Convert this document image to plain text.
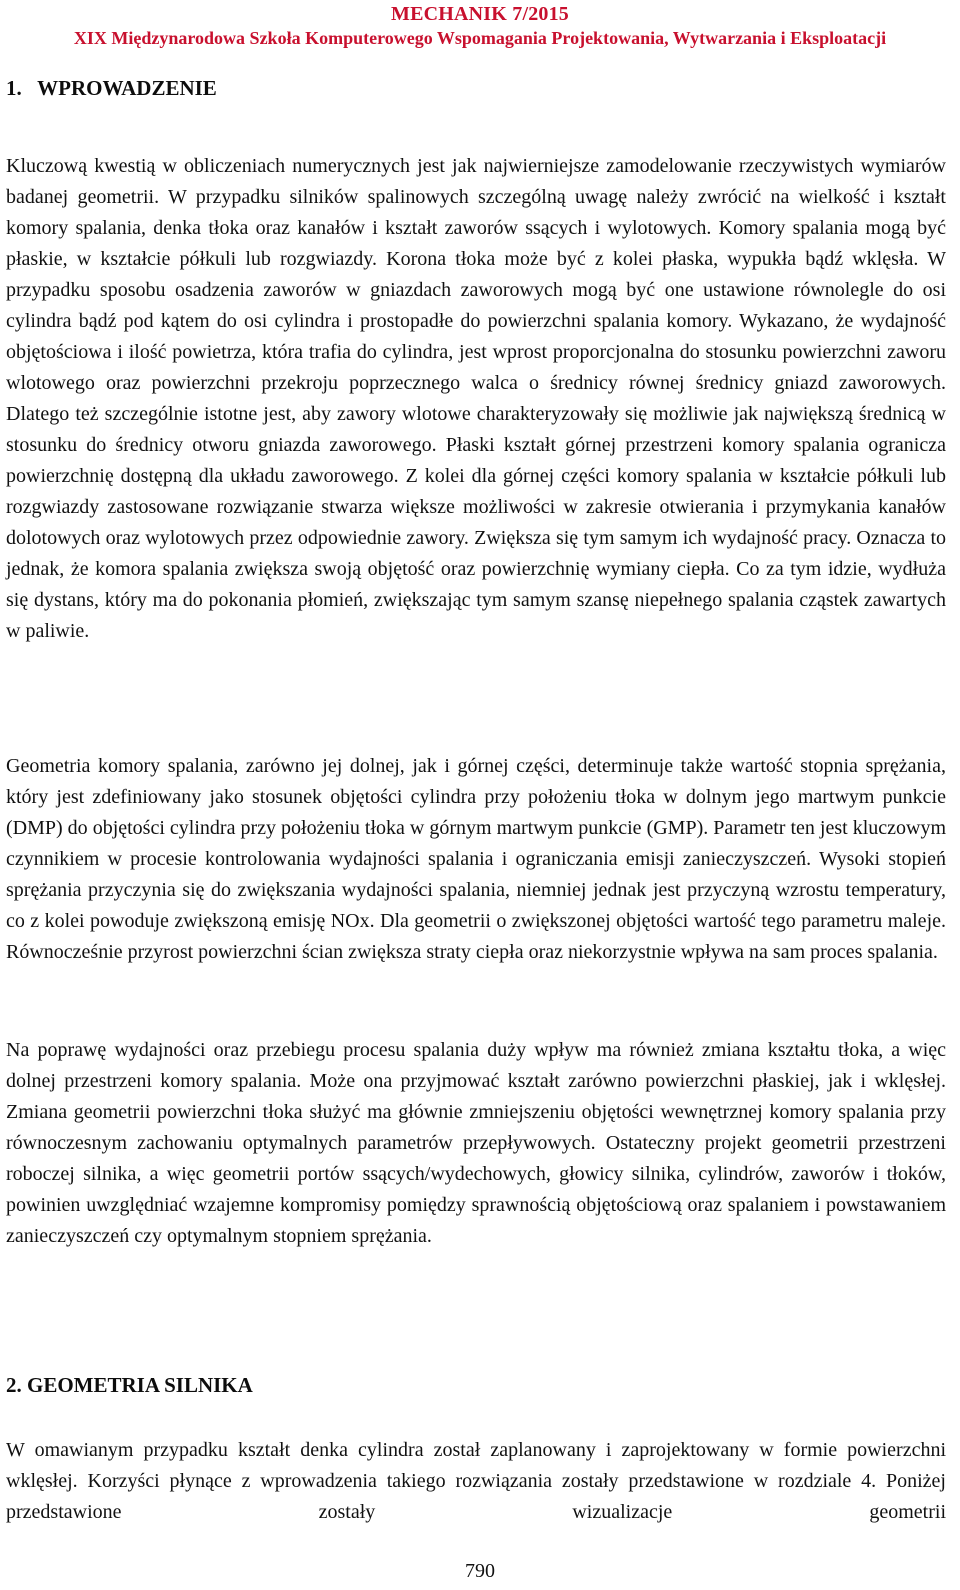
MECHANIK 7/2015
XIX Międzynarodowa Szkoła Komputerowego Wspomagania Projektowania, Wytwarzania i Eksploatacji
1.   WPROWADZENIE

Kluczową kwestią w obliczeniach numerycznych jest jak najwierniejsze zamodelowanie rzeczywistych wymiarów badanej geometrii. W przypadku silników spalinowych szczególną uwagę należy zwrócić na wielkość i kształt komory spalania, denka tłoka oraz kanałów i kształt zaworów ssących i wylotowych. Komory spalania mogą być płaskie, w kształcie półkuli lub rozgwiazdy. Korona tłoka może być z kolei płaska, wypukła bądź wklęsła. W przypadku sposobu osadzenia zaworów w gniazdach zaworowych mogą być one ustawione równolegle do osi cylindra bądź pod kątem do osi cylindra i prostopadłe do powierzchni spalania komory. Wykazano, że wydajność objętościowa i ilość powietrza, która trafia do cylindra, jest wprost proporcjonalna do stosunku powierzchni zaworu wlotowego oraz powierzchni przekroju poprzecznego walca o średnicy równej średnicy gniazd zaworowych. Dlatego też szczególnie istotne jest, aby zawory wlotowe charakteryzowały się możliwie jak największą średnicą w stosunku do średnicy otworu gniazda zaworowego. Płaski kształt górnej przestrzeni komory spalania ogranicza powierzchnię dostępną dla układu zaworowego. Z kolei dla górnej części komory spalania w kształcie półkuli lub rozgwiazdy zastosowane rozwiązanie stwarza większe możliwości w zakresie otwierania i przymykania kanałów dolotowych oraz wylotowych przez odpowiednie zawory. Zwiększa się tym samym ich wydajność pracy. Oznacza to jednak, że komora spalania zwiększa swoją objętość oraz powierzchnię wymiany ciepła. Co za tym idzie, wydłuża się dystans, który ma do pokonania płomień, zwiększając tym samym szansę niepełnego spalania cząstek zawartych w paliwie.

Geometria komory spalania, zarówno jej dolnej, jak i górnej części, determinuje także wartość stopnia sprężania, który jest zdefiniowany jako stosunek objętości cylindra przy położeniu tłoka w dolnym jego martwym punkcie (DMP) do objętości cylindra przy położeniu tłoka w górnym martwym punkcie (GMP). Parametr ten jest kluczowym czynnikiem w procesie kontrolowania wydajności spalania i ograniczania emisji zanieczyszczeń. Wysoki stopień sprężania przyczynia się do zwiększania wydajności spalania, niemniej jednak jest przyczyną wzrostu temperatury, co z kolei powoduje zwiększoną emisję NOx. Dla geometrii o zwiększonej objętości wartość tego parametru maleje. Równocześnie przyrost powierzchni ścian zwiększa straty ciepła oraz niekorzystnie wpływa na sam proces spalania.

Na poprawę wydajności oraz przebiegu procesu spalania duży wpływ ma również zmiana kształtu tłoka, a więc dolnej przestrzeni komory spalania. Może ona przyjmować kształt zarówno powierzchni płaskiej, jak i wklęsłej. Zmiana geometrii powierzchni tłoka służyć ma głównie zmniejszeniu objętości wewnętrznej komory spalania przy równoczesnym zachowaniu optymalnych parametrów przepływowych. Ostateczny projekt geometrii przestrzeni roboczej silnika, a więc geometrii portów ssących/wydechowych, głowicy silnika, cylindrów, zaworów i tłoków, powinien uwzględniać wzajemne kompromisy pomiędzy sprawnością objętościową oraz spalaniem i powstawaniem zanieczyszczeń czy optymalnym stopniem sprężania.

2. GEOMETRIA SILNIKA

W omawianym przypadku kształt denka cylindra został zaplanowany i zaprojektowany w formie powierzchni wklęsłej. Korzyści płynące z wprowadzenia takiego rozwiązania zostały przedstawione w rozdziale 4. Poniżej przedstawione zostały wizualizacje geometrii

790
